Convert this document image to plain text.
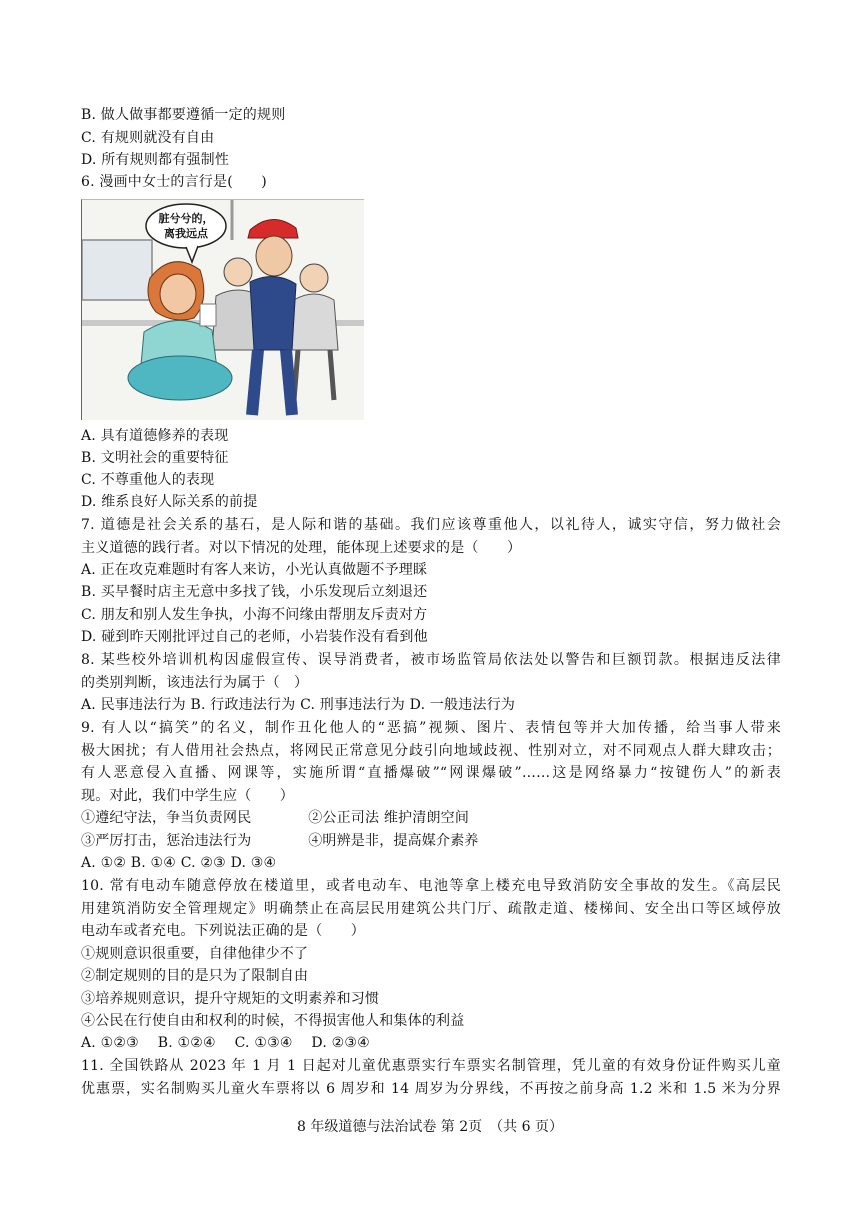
B. 做人做事都要遵循一定的规则
C. 有规则就没有自由
D. 所有规则都有强制性
6. 漫画中女士的言行是(　　)
脏兮兮的，
离我远点
A. 具有道德修养的表现
B. 文明社会的重要特征
C. 不尊重他人的表现
D. 维系良好人际关系的前提
7. 道德是社会关系的基石，是人际和谐的基础。我们应该尊重他人，以礼待人，诚实守信，努力做社会
主义道德的践行者。对以下情况的处理，能体现上述要求的是（　　）
A. 正在攻克难题时有客人来访，小光认真做题不予理睬
B. 买早餐时店主无意中多找了钱，小乐发现后立刻退还
C. 朋友和别人发生争执，小海不问缘由帮朋友斥责对方
D. 碰到昨天刚批评过自己的老师，小岩装作没有看到他
8. 某些校外培训机构因虚假宣传、误导消费者，被市场监管局依法处以警告和巨额罚款。根据违反法律
的类别判断，该违法行为属于（　）
A. 民事违法行为 B. 行政违法行为 C. 刑事违法行为 D. 一般违法行为
9. 有人以“搞笑”的名义，制作丑化他人的“恶搞”视频、图片、表情包等并大加传播，给当事人带来
极大困扰；有人借用社会热点，将网民正常意见分歧引向地域歧视、性别对立，对不同观点人群大肆攻击；
有人恶意侵入直播、网课等，实施所谓“直播爆破”“网课爆破”……这是网络暴力“按键伤人”的新表
现。对此，我们中学生应（　　）
①遵纪守法，争当负责网民　　　　②公正司法 维护清朗空间
③严厉打击，惩治违法行为　　　　④明辨是非，提高媒介素养
A. ①② B. ①④ C. ②③ D. ③④
10. 常有电动车随意停放在楼道里，或者电动车、电池等拿上楼充电导致消防安全事故的发生。《高层民
用建筑消防安全管理规定》明确禁止在高层民用建筑公共门厅、疏散走道、楼梯间、安全出口等区域停放
电动车或者充电。下列说法正确的是（　　）
①规则意识很重要，自律他律少不了
②制定规则的目的是只为了限制自由
③培养规则意识，提升守规矩的文明素养和习惯
④公民在行使自由和权利的时候，不得损害他人和集体的利益
A. ①②③　 B. ①②④　 C. ①③④　 D. ②③④
11. 全国铁路从 2023 年 1 月 1 日起对儿童优惠票实行车票实名制管理，凭儿童的有效身份证件购买儿童
优惠票，实名制购买儿童火车票将以 6 周岁和 14 周岁为分界线，不再按之前身高 1.2 米和 1.5 米为分界
8 年级道德与法治试卷 第 2页　（共 6 页）
